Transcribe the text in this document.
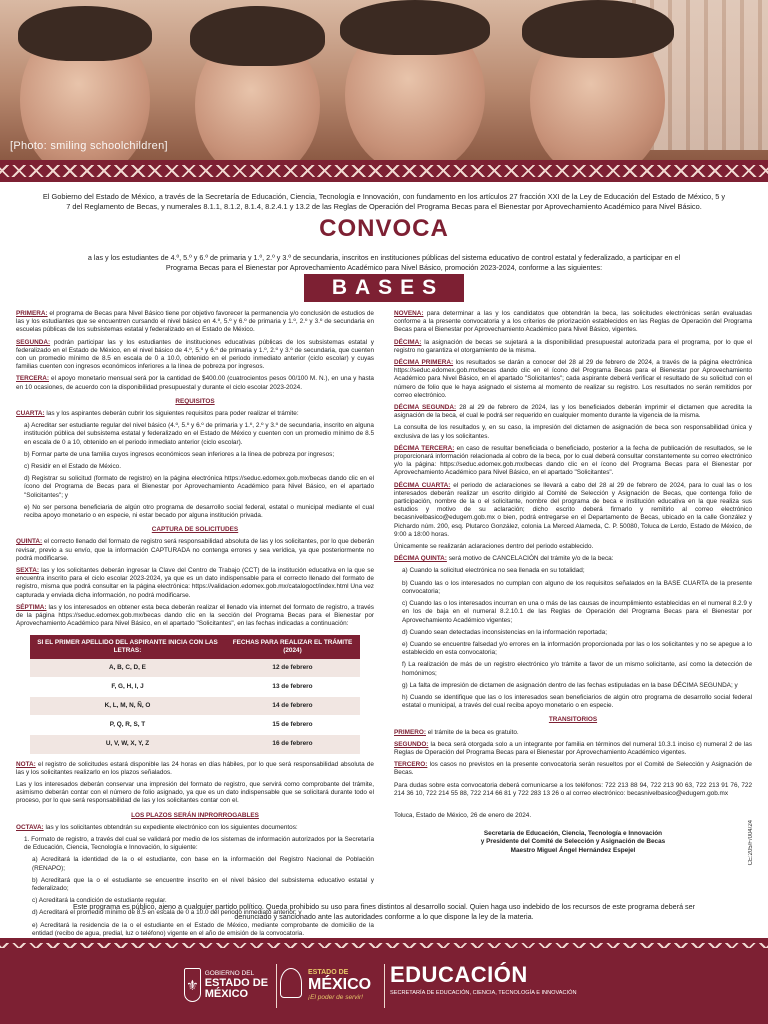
[Photo: smiling schoolchildren]

El Gobierno del Estado de México, a través de la Secretaría de Educación, Ciencia, Tecnología e Innovación, con fundamento en los artículos 27 fracción XXI de la Ley de Educación del Estado de México, 5 y 7 del Reglamento de Becas, y numerales 8.1.1, 8.1.2, 8.1.4, 8.2.4.1 y 13.2 de las Reglas de Operación del Programa Becas para el Bienestar por Aprovechamiento Académico para Nivel Básico.

CONVOCA

a las y los estudiantes de 4.º, 5.º y 6.º de primaria y 1.º, 2.º y 3.º de secundaria, inscritos en instituciones públicas del sistema educativo de control estatal y federalizado, a participar en el Programa Becas para el Bienestar por Aprovechamiento Académico para Nivel Básico, promoción 2023-2024, conforme a las siguientes:

BASES

PRIMERA: el programa de Becas para Nivel Básico tiene por objetivo favorecer la permanencia y/o conclusión de estudios de las y los estudiantes que se encuentren cursando el nivel básico en 4.º, 5.º y 6.º de primaria y 1.º, 2.º y 3.º de secundaria en escuelas públicas de los subsistemas estatal y federalizado en el Estado de México.

SEGUNDA: podrán participar las y los estudiantes de instituciones educativas públicas de los subsistemas estatal y federalizado en el Estado de México, en el nivel básico de 4.º, 5.º y 6.º de primaria y 1.º, 2.º y 3.º de secundaria, que cuenten con un promedio mínimo de 8.5 en escala de 0 a 10.0, obtenido en el periodo inmediato anterior (ciclo escolar) y cuyas familias cuenten con ingresos económicos inferiores a la línea de pobreza por ingresos.

TERCERA: el apoyo monetario mensual será por la cantidad de $400.00 (cuatrocientos pesos 00/100 M. N.), en una y hasta en 10 ocasiones, de acuerdo con la disponibilidad presupuestal y durante el ciclo escolar 2023-2024.

REQUISITOS

CUARTA: las y los aspirantes deberán cubrir los siguientes requisitos para poder realizar el trámite:

a) Acreditar ser estudiante regular del nivel básico (4.º, 5.º y 6.º de primaria y 1.º, 2.º y 3.º de secundaria, inscrito en alguna institución pública del subsistema estatal y federalizado en el Estado de México y cuenten con un promedio mínimo de 8.5 en escala de 0 a 10, obtenido en el periodo inmediato anterior (ciclo escolar).
b) Formar parte de una familia cuyos ingresos económicos sean inferiores a la línea de pobreza por ingresos;
c) Residir en el Estado de México.
d) Registrar su solicitud (formato de registro) en la página electrónica https://seduc.edomex.gob.mx/becas dando clic en el ícono del Programa de Becas para el Bienestar por Aprovechamiento Académico para Nivel Básico, en el apartado "Solicitantes"; y
e) No ser persona beneficiaria de algún otro programa de desarrollo social federal, estatal o municipal mediante el cual reciba apoyo monetario o en especie, ni estar becado por alguna institución privada.
CAPTURA DE SOLICITUDES

QUINTA: el correcto llenado del formato de registro será responsabilidad absoluta de las y los solicitantes, por lo que deberán revisar, previo a su envío, que la información CAPTURADA no contenga errores y sea verídica, ya que posteriormente no podrá modificarse.

SEXTA: las y los solicitantes deberán ingresar la Clave del Centro de Trabajo (CCT) de la institución educativa en la que se encuentra inscrito para el ciclo escolar 2023-2024, ya que es un dato indispensable para el correcto llenado del formato de registro, misma que podrá consultar en la página electrónica: https://validacion.edomex.gob.mx/catalogoct/index.html Una vez capturada y enviada dicha información, no podrá modificarse.

SÉPTIMA: las y los interesados en obtener esta beca deberán realizar el llenado vía internet del formato de registro, a través de la página https://seduc.edomex.gob.mx/becas dando clic en la sección del Programa Becas para el Bienestar por Aprovechamiento Académico para Nivel Básico, en el apartado "Solicitantes", en las fechas indicadas a continuación:

SI EL PRIMER APELLIDO DEL ASPIRANTE INICIA CON LAS LETRAS:	FECHAS PARA REALIZAR EL TRÁMITE (2024)
A, B, C, D, E	12 de febrero
F, G, H, I, J	13 de febrero
K, L, M, N, Ñ, O	14 de febrero
P, Q, R, S, T	15 de febrero
U, V, W, X, Y, Z	16 de febrero

NOTA: el registro de solicitudes estará disponible las 24 horas en días hábiles, por lo que será responsabilidad absoluta de las y los solicitantes realizarlo en los plazos señalados.

Las y los interesados deberán conservar una impresión del formato de registro, que servirá como comprobante del trámite, asimismo deberán contar con el número de folio asignado, ya que es un dato indispensable que se solicitará durante todo el proceso, por lo que será responsabilidad de las y los solicitantes contar con el.

LOS PLAZOS SERÁN INPRORROGABLES

OCTAVA: las y los solicitantes obtendrán su expediente electrónico con los siguientes documentos:

1. Formato de registro, a través del cual se validará por medio de los sistemas de información autorizados por la Secretaría de Educación, Ciencia, Tecnología e Innovación, lo siguiente:
a) Acreditará la identidad de la o el estudiante, con base en la información del Registro Nacional de Población (RENAPO);
b) Acreditará que la o el estudiante se encuentre inscrito en el nivel básico del subsistema educativo estatal y federalizado;
c) Acreditará la condición de estudiante regular.
d) Acreditará el promedio mínimo de 8.5 en escala de 0 a 10.0 del periodo inmediato anterior; y
e) Acreditará la residencia de la o el estudiante en el Estado de México, mediante comprobante de domicilio de la entidad (recibo de agua, predial, luz o teléfono) vigente en el año de emisión de la convocatoria.

NOVENA: para determinar a las y los candidatos que obtendrán la beca, las solicitudes electrónicas serán evaluadas conforme a la presente convocatoria y a los criterios de priorización establecidos en las Reglas de Operación del Programa Becas para el Bienestar por Aprovechamiento Académico para Nivel Básico, vigentes.

DÉCIMA: la asignación de becas se sujetará a la disponibilidad presupuestal autorizada para el programa, por lo que el registro no garantiza el otorgamiento de la misma.

DÉCIMA PRIMERA: los resultados se darán a conocer del 28 al 29 de febrero de 2024, a través de la página electrónica https://seduc.edomex.gob.mx/becas dando clic en el ícono del Programa Becas para el Bienestar por Aprovechamiento Académico para Nivel Básico, en el apartado "Solicitantes"; cada aspirante deberá verificar el resultado de su solicitud con el número de folio que le haya asignado el sistema al momento de realizar su registro. Los resultados no serán remitidos por correo electrónico.

DÉCIMA SEGUNDA: 28 al 29 de febrero de 2024, las y los beneficiados deberán imprimir el dictamen que acredita la asignación de la beca, el cual le podrá ser requerido en cualquier momento durante la vigencia de la misma.

La consulta de los resultados y, en su caso, la impresión del dictamen de asignación de beca son responsabilidad única y exclusiva de las y los solicitantes.

DÉCIMA TERCERA: en caso de resultar beneficiada o beneficiado, posterior a la fecha de publicación de resultados, se le proporcionará información relacionada al cobro de la beca, por lo cual deberá consultar constantemente su correo electrónico y/o la página: https://seduc.edomex.gob.mx/becas dando clic en el ícono del Programa Becas para el Bienestar por Aprovechamiento Académico para Nivel Básico, en el apartado "Solicitantes".

DÉCIMA CUARTA: el periodo de aclaraciones se llevará a cabo del 28 al 29 de febrero de 2024, para lo cual las o los interesados deberán realizar un escrito dirigido al Comité de Selección y Asignación de Becas, que contenga folio de participación, nombre de la o el solicitante, nombre del programa de beca e institución educativa en la que realiza sus estudios y motivo de su aclaración; dicho escrito deberá firmarlo y remitirlo al correo electrónico becasnivelbasico@edugem.gob.mx o bien, podrá entregarse en el Departamento de Becas, ubicado en la calle González y Pichardo núm. 200, esq. Plutarco González, colonia La Merced Alameda, C. P. 50080, Toluca de Lerdo, Estado de México, de 9:00 a 18:00 horas.

Únicamente se realizarán aclaraciones dentro del periodo establecido.

DÉCIMA QUINTA: será motivo de CANCELACIÓN del trámite y/o de la beca:

a) Cuando la solicitud electrónica no sea llenada en su totalidad;
b) Cuando las o los interesados no cumplan con alguno de los requisitos señalados en la BASE CUARTA de la presente convocatoria;
c) Cuando las o los interesados incurran en una o más de las causas de incumplimiento establecidas en el numeral 8.2.9 y en los de baja en el numeral 8.2.10.1 de las Reglas de Operación del Programa Becas para el Bienestar por Aprovechamiento Académico vigentes;
d) Cuando sean detectadas inconsistencias en la información reportada;
e) Cuando se encuentre falsedad y/o errores en la información proporcionada por las o los solicitantes y no se apegue a lo establecido en esta convocatoria;
f) La realización de más de un registro electrónico y/o trámite a favor de un mismo solicitante, así como la detección de homónimos;
g) La falta de impresión de dictamen de asignación dentro de las fechas estipuladas en la base DÉCIMA SEGUNDA; y
h) Cuando se identifique que las o los interesados sean beneficiarios de algún otro programa de desarrollo social federal estatal o municipal, a través del cual reciba apoyo monetario o en especie.
TRANSITORIOS

PRIMERO: el trámite de la beca es gratuito.

SEGUNDO: la beca será otorgada solo a un integrante por familia en términos del numeral 10.3.1 inciso c) numeral 2 de las Reglas de Operación del Programa Becas para el Bienestar por Aprovechamiento Académico vigentes.

TERCERO: los casos no previstos en la presente convocatoria serán resueltos por el Comité de Selección y Asignación de Becas.

Para dudas sobre esta convocatoria deberá comunicarse a los teléfonos: 722 213 88 94, 722 213 90 63, 722 213 91 76, 722 214 36 10, 722 214 55 88, 722 214 66 81 y 722 283 13 26 o al correo electrónico: becasnivelbasico@edugem.gob.mx

Toluca, Estado de México, 26 de enero de 2024.

Secretaría de Educación, Ciencia, Tecnología e Innovación
y Presidente del Comité de Selección y Asignación de Becas
Maestro Miguel Ángel Hernández Espejel	CE:205/F/004/24

Este programa es público, ajeno a cualquier partido político. Queda prohibido su uso para fines distintos al desarrollo social. Quien haga uso indebido de los recursos de este programa deberá ser denunciado y sancionado ante las autoridades conforme a lo que dispone la ley de la materia.

⚜
GOBIERNO DEL
ESTADO DE MÉXICO
ESTADO DE
MÉXICO
¡El poder de servir!
EDUCACIÓN
SECRETARÍA DE EDUCACIÓN, CIENCIA, TECNOLOGÍA E INNOVACIÓN
